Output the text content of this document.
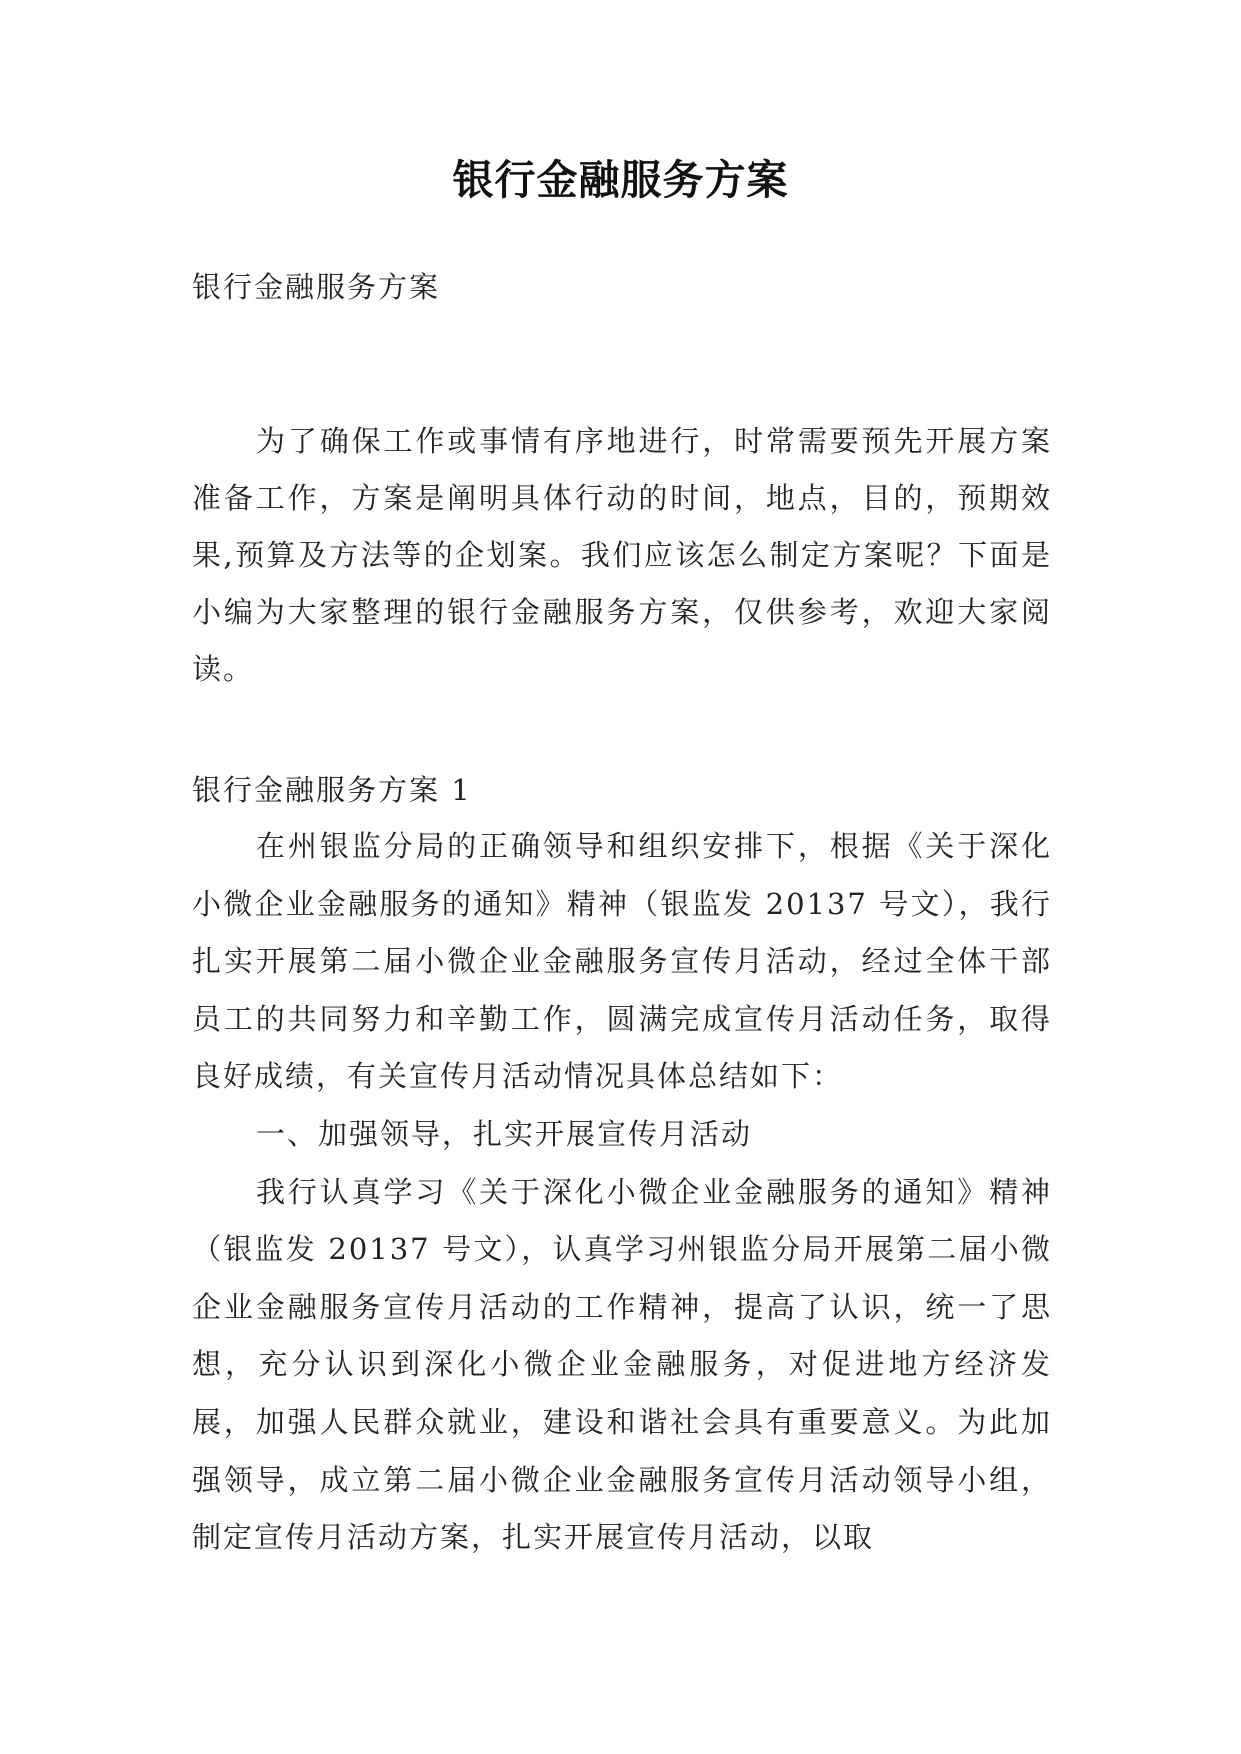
银行金融服务方案
银行金融服务方案

为了确保工作或事情有序地进行，时常需要预先开展方案准备工作，方案是阐明具体行动的时间，地点，目的，预期效果,预算及方法等的企划案。我们应该怎么制定方案呢？下面是小编为大家整理的银行金融服务方案，仅供参考，欢迎大家阅读。

银行金融服务方案 1

在州银监分局的正确领导和组织安排下，根据《关于深化小微企业金融服务的通知》精神（银监发 20137 号文），我行扎实开展第二届小微企业金融服务宣传月活动，经过全体干部员工的共同努力和辛勤工作，圆满完成宣传月活动任务，取得良好成绩，有关宣传月活动情况具体总结如下：

一、加强领导，扎实开展宣传月活动

我行认真学习《关于深化小微企业金融服务的通知》精神（银监发 20137 号文），认真学习州银监分局开展第二届小微企业金融服务宣传月活动的工作精神，提高了认识，统一了思想，充分认识到深化小微企业金融服务，对促进地方经济发展，加强人民群众就业，建设和谐社会具有重要意义。为此加强领导，成立第二届小微企业金融服务宣传月活动领导小组，制定宣传月活动方案，扎实开展宣传月活动，以取
